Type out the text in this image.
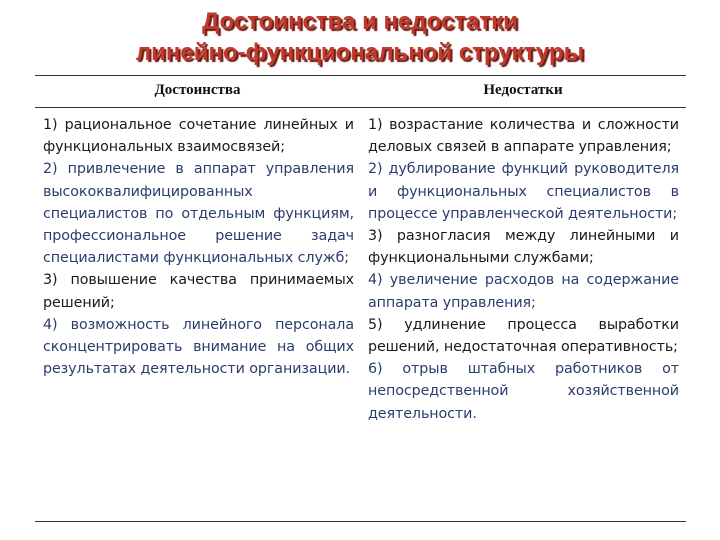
Достоинства и недостатки
линейно-функциональной структуры
Достоинства	Недостатки

1) рациональное сочетание линейных и функциональных взаимосвязей;

2) привлечение в аппарат управления высококвалифицированных специалистов по отдельным функциям, профессиональное решение задач специалистами функциональных служб;

3) повышение качества принимаемых решений;

4) возможность линейного персонала сконцентрировать внимание на общих результатах деятельности организации.

1) возрастание количества и сложности деловых связей в аппарате управления;

2) дублирование функций руководителя и функциональных специалистов в процессе управленческой деятельности;

3) разногласия между линейными и функциональными службами;

4) увеличение расходов на содержание аппарата управления;

5) удлинение процесса выработки решений, недостаточная оперативность;

6) отрыв штабных работников от непосредственной хозяйственной деятельности.
